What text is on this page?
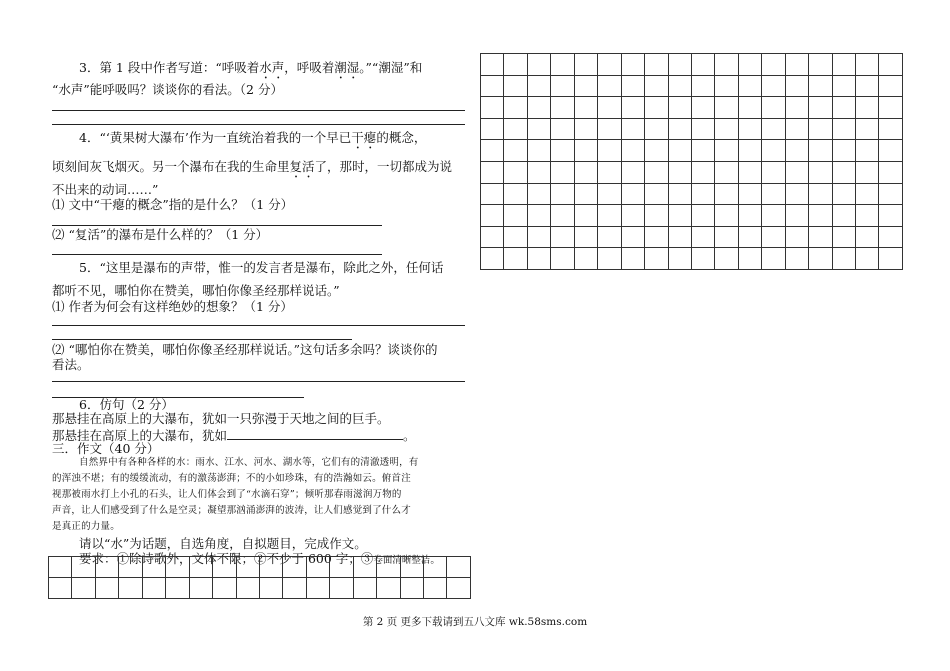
3．第 1 段中作者写道：“呼吸着水声，呼吸着潮湿。”“潮湿”和
“水声”能呼吸吗？谈谈你的看法。（2 分）
4．“‘黄果树大瀑布’作为一直统治着我的一个早已干瘪的概念，
顷刻间灰飞烟灭。另一个瀑布在我的生命里复活了，那时，一切都成为说
不出来的动词……”
⑴ 文中“干瘪的概念”指的是什么？（1 分）
⑵ “复活”的瀑布是什么样的？（1 分）
5．“这里是瀑布的声带，惟一的发言者是瀑布，除此之外，任何话
都听不见，哪怕你在赞美，哪怕你像圣经那样说话。”
⑴ 作者为何会有这样绝妙的想象？（1 分）
⑵ “哪怕你在赞美，哪怕你像圣经那样说话。”这句话多余吗？谈谈你的
看法。
6．仿句（2 分）
那悬挂在高原上的大瀑布，犹如一只弥漫于天地之间的巨手。
那悬挂在高原上的大瀑布，犹如	。
三．作文（40 分）
自然界中有各种各样的水：雨水、江水、河水、湖水等，它们有的清澈透明，有
的浑浊不堪；有的缓缓流动，有的激荡澎湃；不的小如珍珠，有的浩瀚如云。俯首注
视那被雨水打上小孔的石头，让人们体会到了“水滴石穿”；倾听那春雨滋润万物的
声音，让人们感受到了什么是空灵；凝望那汹涌澎湃的波涛，让人们感觉到了什么才
是真正的力量。
请以“水”为话题，自选角度，自拟题目，完成作文。
要求：①除诗歌外，文体不限；②不少于 600 字；③卷面清晰整洁。

第 2 页 更多下载请到五八文库 wk.58sms.com
